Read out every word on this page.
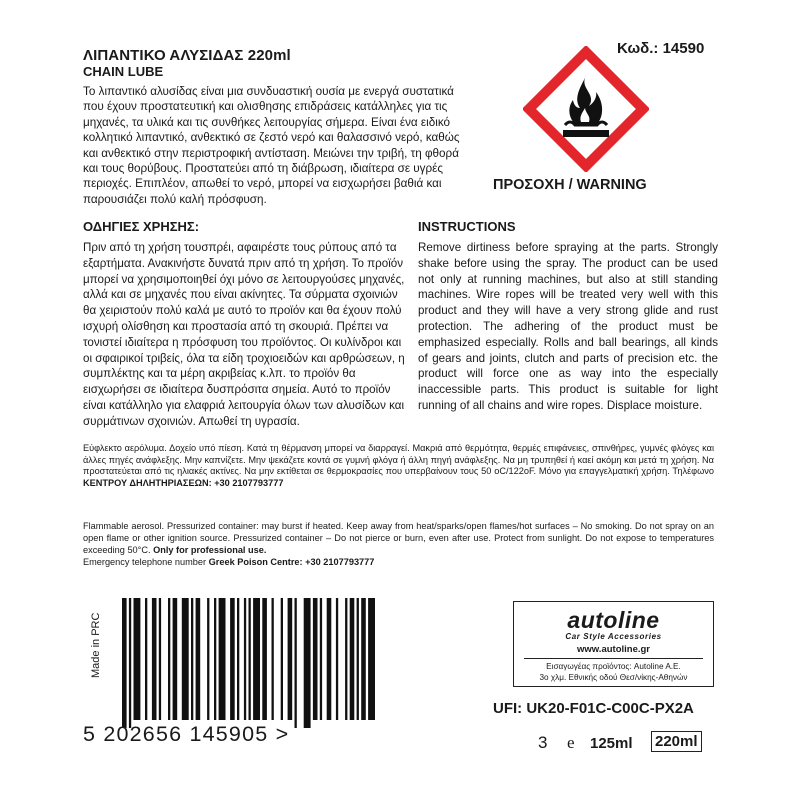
ΛΙΠΑΝΤΙΚΟ ΑΛΥΣΙΔΑΣ 220ml
CHAIN LUBE
Κωδ.: 14590
Το λιπαντικό αλυσίδας είναι μια συνδυαστική ουσία με ενεργά συστατικά που έχουν προστατευτική και ολισθησης επιδράσεις κατάλληλες για τις μηχανές, τα υλικά και τις συνθήκες λειτουργίας σήμερα. Είναι ένα ειδικό κολλητικό λιπαντικό, ανθεκτικό σε ζεστό νερό και θαλασσινό νερό, καθώς και ανθεκτικό στην περιστροφική αντίσταση. Μειώνει την τριβή, τη φθορά και τους θορύβους. Προστατεύει από τη διάβρωση, ιδιαίτερα σε υγρές περιοχές. Επιπλέον, απωθεί το νερό, μπορεί να εισχωρήσει βαθιά και παρουσιάζει πολύ καλή πρόσφυση.
ΠΡΟΣΟΧΗ / WARNING
ΟΔΗΓΙΕΣ ΧΡΗΣΗΣ:	INSTRUCTIONS
Πριν από τη χρήση τουσπρέι, αφαιρέστε τους ρύπους από τα εξαρτήματα. Ανακινήστε δυνατά πριν από τη χρήση. Το προϊόν μπορεί να χρησιμοποιηθεί όχι μόνο σε λειτουργούσες μηχανές, αλλά και σε μηχανές που είναι ακίνητες. Τα σύρματα σχοινιών θα χειριστούν πολύ καλά με αυτό το προϊόν και θα έχουν πολύ ισχυρή ολίσθηση και προστασία από τη σκουριά. Πρέπει να τονιστεί ιδιαίτερα η πρόσφυση του προϊόντος. Οι κυλίνδροι και οι σφαιρικοί τριβείς, όλα τα είδη τροχιοειδών και αρθρώσεων, η συμπλέκτης και τα μέρη ακριβείας κ.λπ. το προϊόν θα εισχωρήσει σε ιδιαίτερα δυσπρόσιτα σημεία. Αυτό το προϊόν είναι κατάλληλο για ελαφριά λειτουργία όλων των αλυσίδων και συρμάτινων σχοινιών. Απωθεί τη υγρασία.
Remove dirtiness before spraying at the parts. Strongly shake before using the spray. The product can be used not only at running machines, but also at still standing machines. Wire ropes will be treated very well with this product and they will have a very strong glide and rust protection. The adhering of the product must be emphasized especially. Rolls and ball bearings, all kinds of gears and joints, clutch and parts of precision etc. the product will force one as way into the especially inaccessible parts. This product is suitable for light running of all chains and wire ropes. Displace moisture.
Εύφλεκτο αερόλυμα. Δοχείο υπό πίεση. Κατά τη θέρμανση μπορεί να διαρραγεί. Μακριά από θερμότητα, θερμές επιφάνειες, σπινθήρες, γυμνές φλόγες και άλλες πηγές ανάφλεξης. Μην καπνίζετε. Μην ψεκάζετε κοντά σε γυμνή φλόγα ή άλλη πηγή ανάφλεξης. Να μη τρυπηθεί ή καεί ακόμη και μετά τη χρήση. Να προστατεύεται από τις ηλιακές ακτίνες. Να μην εκτίθεται σε θερμοκρασίες που υπερβαίνουν τους 50 oC/122oF. Μόνο για επαγγελματική χρήση. Τηλέφωνο ΚΕΝΤΡΟΥ ΔΗΛΗΤΗΡΙΑΣΕΩΝ: +30 2107793777
Flammable aerosol. Pressurized container: may burst if heated. Keep away from heat/sparks/open flames/hot surfaces – No smoking. Do not spray on an open flame or other ignition source. Pressurized container – Do not pierce or burn, even after use. Protect from sunlight. Do not expose to temperatures exceeding 50°C. Only for professional use.
Emergency telephone number Greek Poison Centre: +30 2107793777
Made in PRC
5 202656 145905 >
autoline
Car Style Accessories
www.autoline.gr
Εισαγωγέας προϊόντος: Autoline A.E.
3ο χλμ. Εθνικής οδού Θεσ/νίκης-Αθηνών
UFI: UK20-F01C-C00C-PX2A
3 e 125ml 220ml
